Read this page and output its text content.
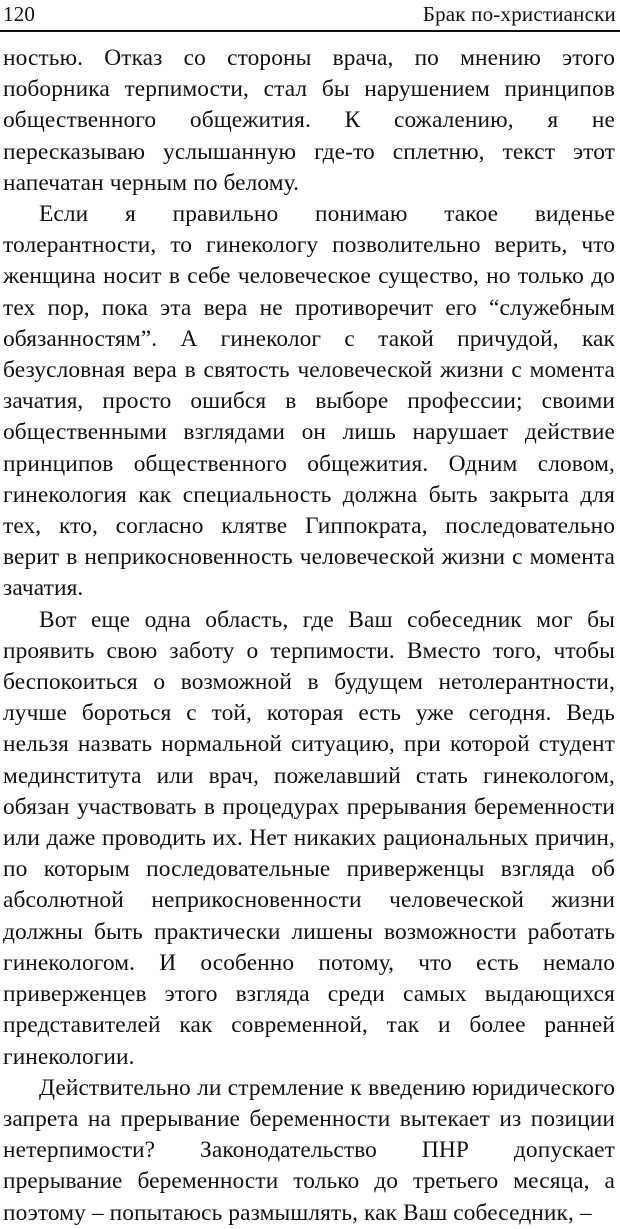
120	Брак по-христиански

ностью. Отказ со стороны врача, по мнению этого поборника терпимости, стал бы нарушением принципов общественного общежития. К сожалению, я не пересказываю услышанную где-то сплетню, текст этот напечатан черным по белому.

Если я правильно понимаю такое виденье толерантности, то гинекологу позволительно верить, что женщина носит в себе человеческое существо, но только до тех пор, пока эта вера не противоречит его “служебным обязанностям”. А гинеколог с такой причудой, как безусловная вера в святость человеческой жизни с момента зачатия, просто ошибся в выборе профессии; своими общественными взглядами он лишь нарушает действие принципов общественного общежития. Одним словом, гинекология как специальность должна быть закрыта для тех, кто, согласно клятве Гиппократа, последовательно верит в неприкосновенность человеческой жизни с момента зачатия.

Вот еще одна область, где Ваш собеседник мог бы проявить свою заботу о терпимости. Вместо того, чтобы беспокоиться о возможной в будущем нетолерантности, лучше бороться с той, которая есть уже сегодня. Ведь нельзя назвать нормальной ситуацию, при которой студент мединститута или врач, пожелавший стать гинекологом, обязан участвовать в процедурах прерывания беременности или даже проводить их. Нет никаких рациональных причин, по которым последовательные приверженцы взгляда об абсолютной неприкосновенности человеческой жизни должны быть практически лишены возможности работать гинекологом. И особенно потому, что есть немало приверженцев этого взгляда среди самых выдающихся представителей как современной, так и более ранней гинекологии.

Действительно ли стремление к введению юридического запрета на прерывание беременности вытекает из позиции нетерпимости? Законодательство ПНР допускает прерывание беременности только до третьего месяца, а поэтому – попытаюсь размышлять, как Ваш собеседник, –
